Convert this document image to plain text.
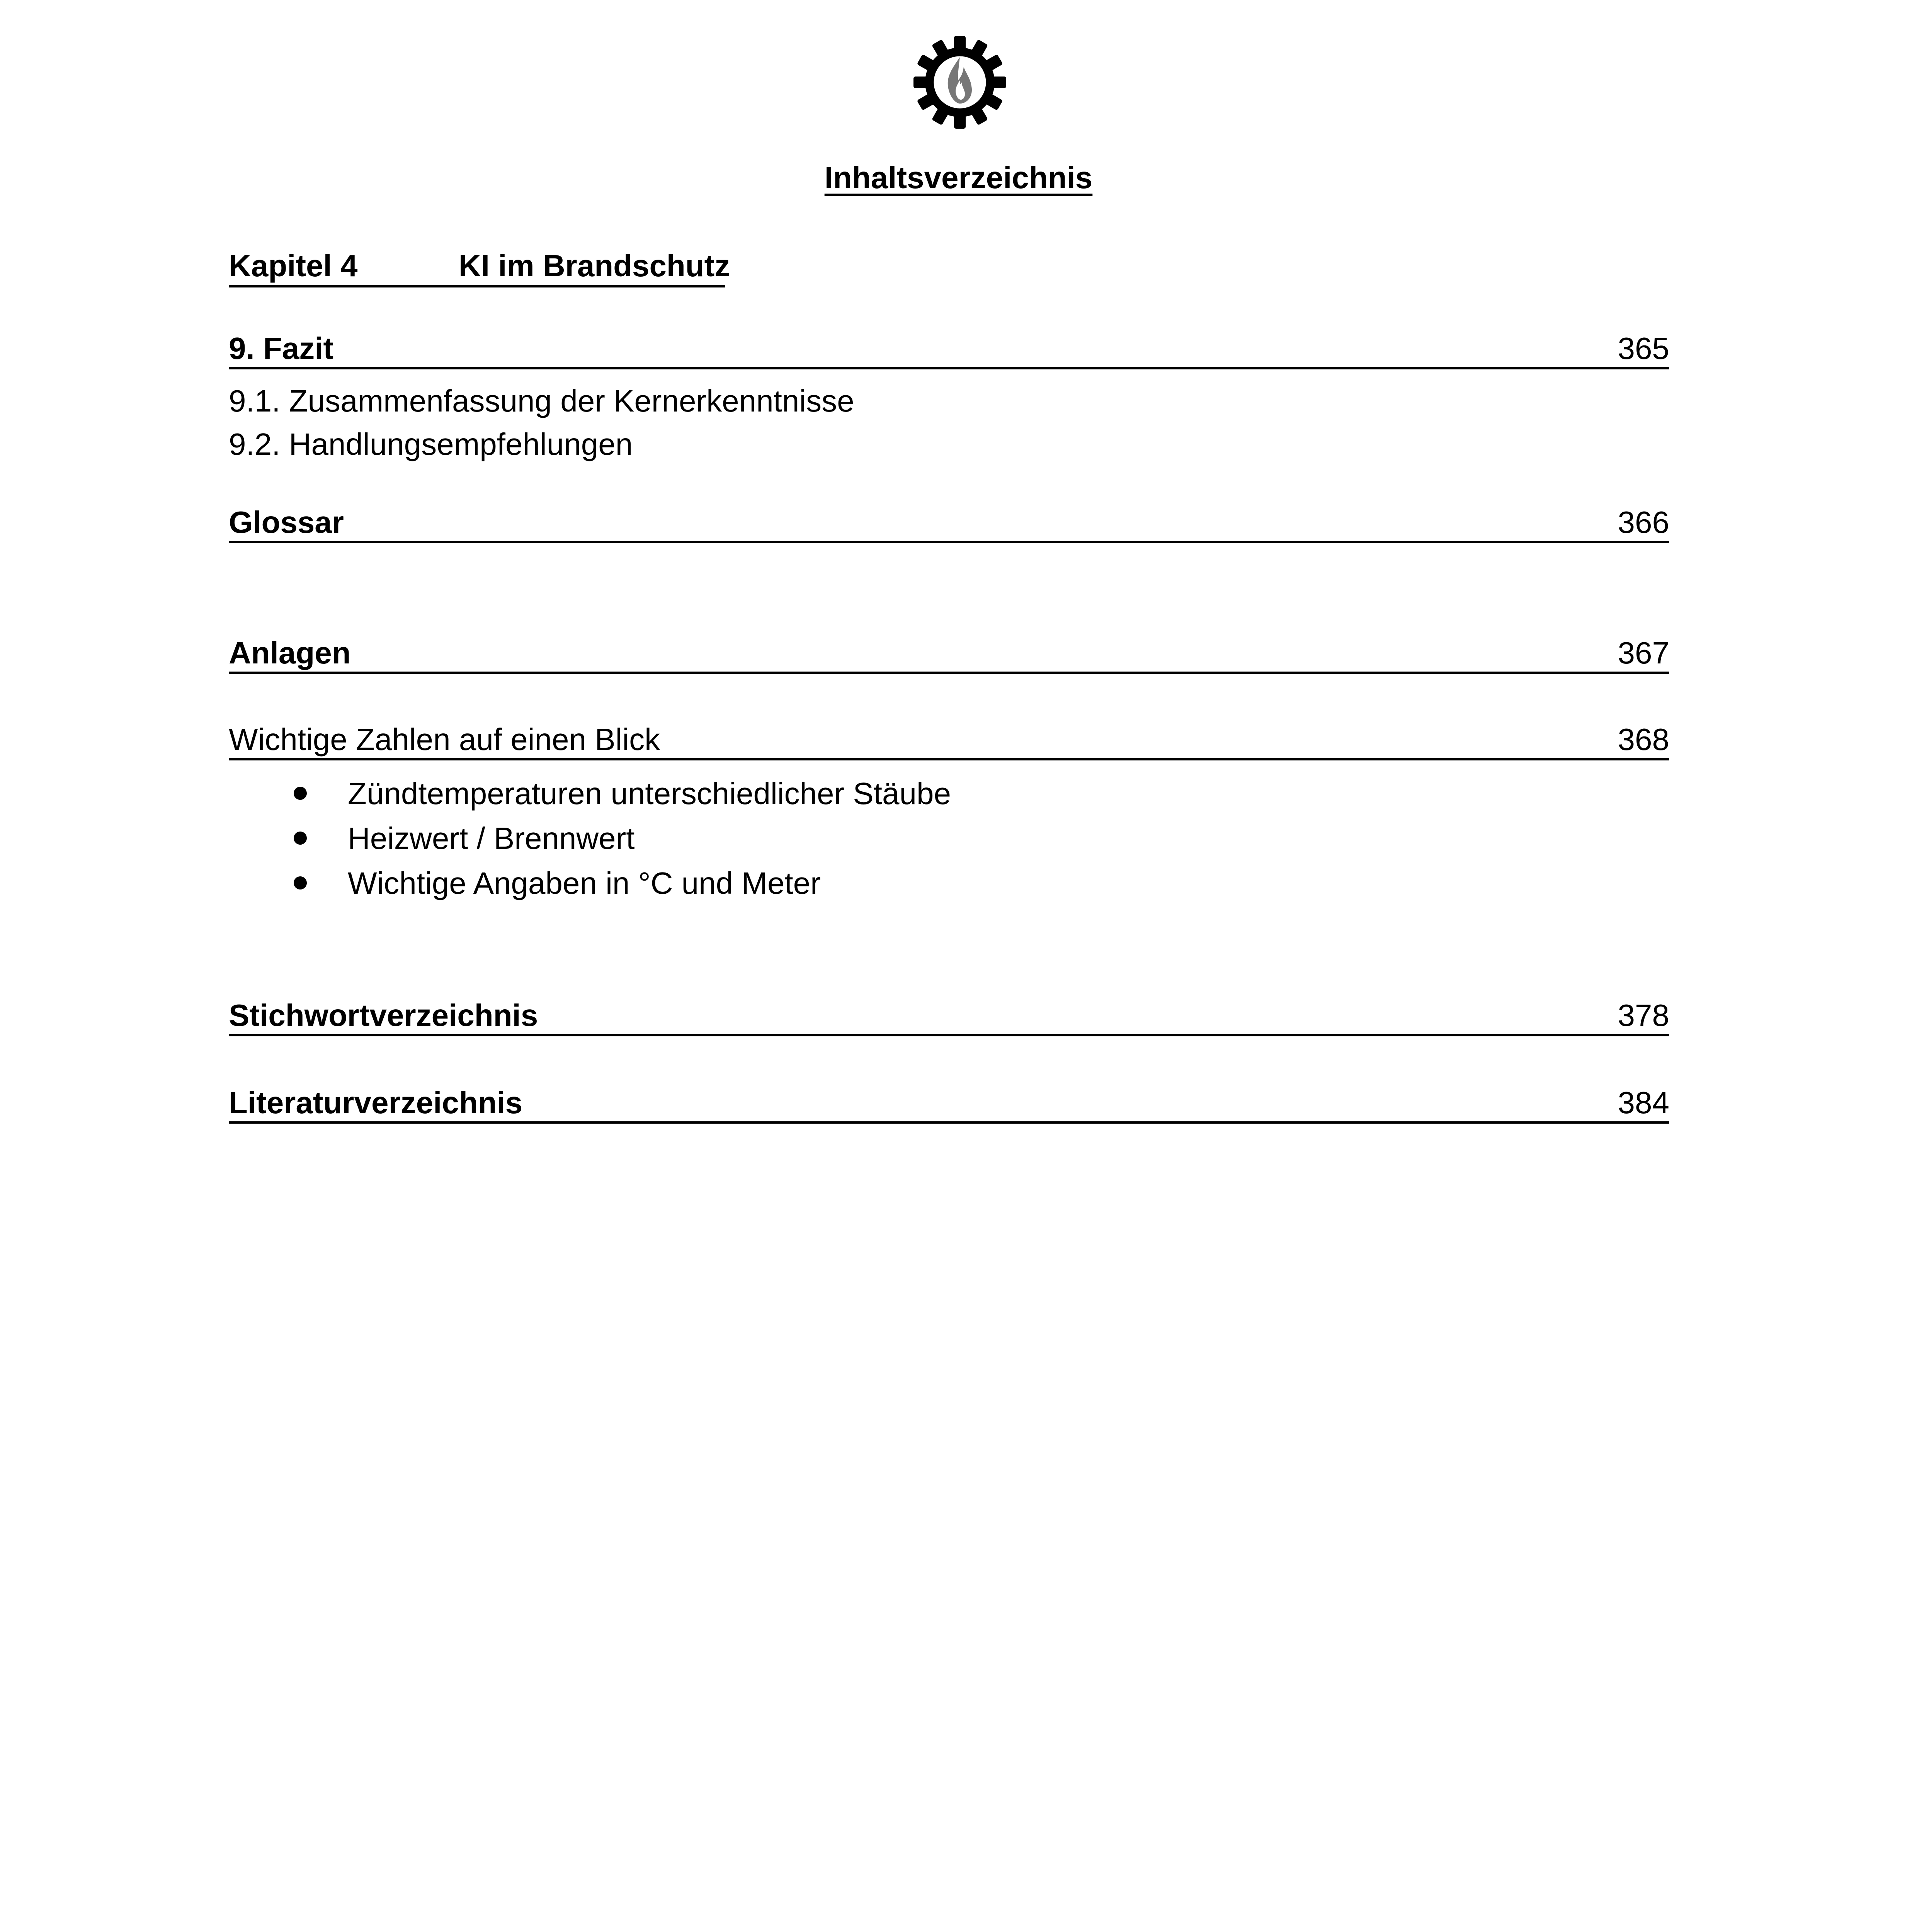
Inhaltsverzeichnis
Kapitel 4	KI im Brandschutz
9. Fazit	365
9.1. Zusammenfassung der Kernerkenntnisse
9.2. Handlungsempfehlungen
Glossar	366
Anlagen	367
Wichtige Zahlen auf einen Blick	368
Zündtemperaturen unterschiedlicher Stäube
Heizwert / Brennwert
Wichtige Angaben in °C und Meter
Stichwortverzeichnis	378
Literaturverzeichnis	384
